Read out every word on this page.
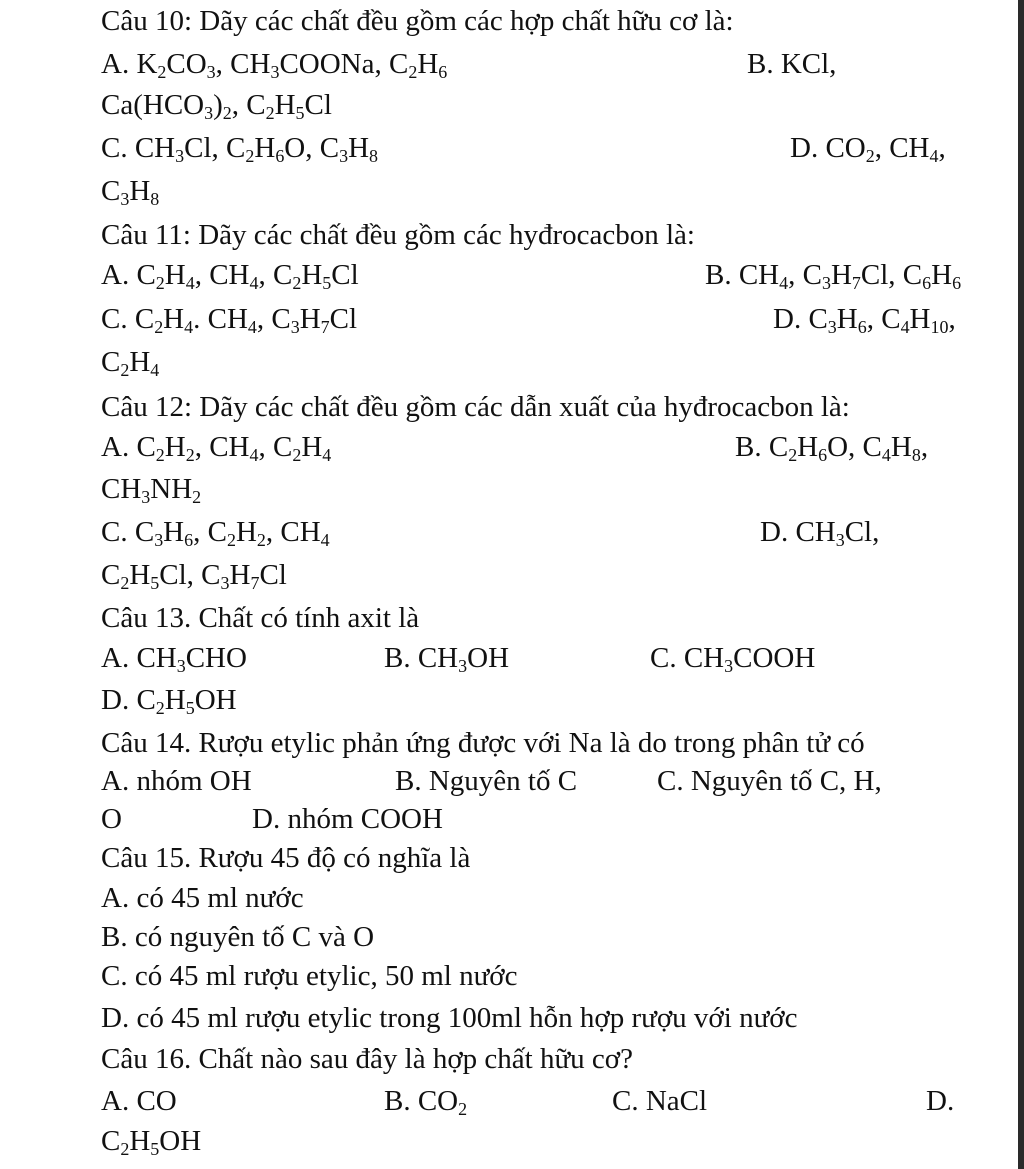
Câu 10: Dãy các chất đều gồm các hợp chất hữu cơ là:
A. $K_2CO_3$, $CH_3COONa$, $C_2H_6$	B. KCl,
$Ca(HCO_3)_2$, $C_2H_5Cl$
C. $CH_3Cl$, $C_2H_6O$, $C_3H_8$	D. $CO_2$, $CH_4$,
$C_3H_8$
Câu 11: Dãy các chất đều gồm các hyđrocacbon là:
A. $C_2H_4$, $CH_4$, $C_2H_5Cl$	B. $CH_4$, $C_3H_7Cl$, $C_6H_6$
C. $C_2H_4$. $CH_4$, $C_3H_7Cl$	D. $C_3H_6$, $C_4H_{10}$,
$C_2H_4$
Câu 12: Dãy các chất đều gồm các dẫn xuất của hyđrocacbon là:
A. $C_2H_2$, $CH_4$, $C_2H_4$	B. $C_2H_6O$, $C_4H_8$,
$CH_3NH_2$
C. $C_3H_6$, $C_2H_2$, $CH_4$	D. $CH_3Cl$,
$C_2H_5Cl$, $C_3H_7Cl$
Câu 13. Chất có tính axit là
A. $CH_3CHO$	B. $CH_3OH$	C. $CH_3COOH$
D. $C_2H_5OH$
Câu 14. Rượu etylic phản ứng được với Na là do trong phân tử có
A. nhóm OH	B. Nguyên tố C	C. Nguyên tố C, H,
O	D. nhóm COOH
Câu 15. Rượu 45 độ có nghĩa là
A. có 45 ml nước
B. có nguyên tố C và O
C. có 45 ml rượu etylic, 50 ml nước
D. có 45 ml rượu etylic trong 100ml hỗn hợp rượu với nước
Câu 16. Chất nào sau đây là hợp chất hữu cơ?
A. CO	B. $CO_2$	C. NaCl	D.
$C_2H_5OH$
